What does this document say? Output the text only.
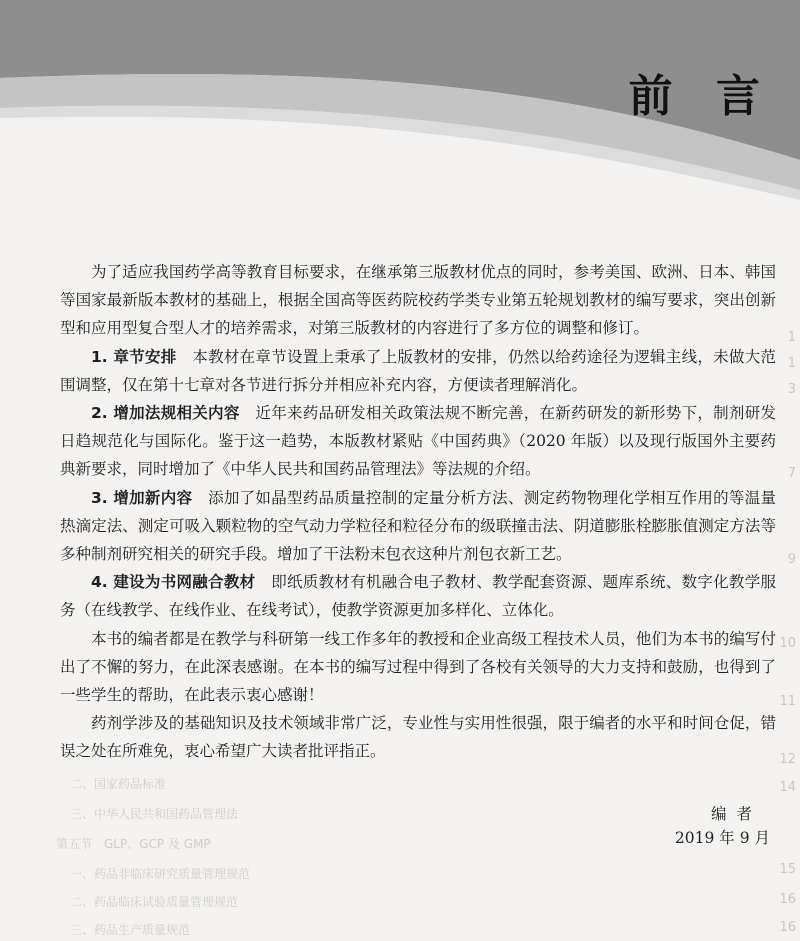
前 言
二、国家药品标准
三、中华人民共和国药品管理法
第五节　GLP、GCP 及 GMP
一、药品非临床研究质量管理规范
二、药品临床试验质量管理规范
三、药品生产质量规范
1
1
3
7
9
10
11
12
14
15
16
16

为了适应我国药学高等教育目标要求，在继承第三版教材优点的同时，参考美国、欧洲、日本、韩国等国家最新版本教材的基础上，根据全国高等医药院校药学类专业第五轮规划教材的编写要求，突出创新型和应用型复合型人才的培养需求，对第三版教材的内容进行了多方位的调整和修订。

1. 章节安排　 本教材在章节设置上秉承了上版教材的安排，仍然以给药途径为逻辑主线，未做大范围调整，仅在第十七章对各节进行拆分并相应补充内容，方便读者理解消化。

2. 增加法规相关内容　 近年来药品研发相关政策法规不断完善，在新药研发的新形势下，制剂研发日趋规范化与国际化。鉴于这一趋势，本版教材紧贴《中国药典》（2020 年版）以及现行版国外主要药典新要求，同时增加了《中华人民共和国药品管理法》等法规的介绍。

3. 增加新内容　 添加了如晶型药品质量控制的定量分析方法、测定药物物理化学相互作用的等温量热滴定法、测定可吸入颗粒物的空气动力学粒径和粒径分布的级联撞击法、阴道膨胀栓膨胀值测定方法等多种制剂研究相关的研究手段。增加了干法粉末包衣这种片剂包衣新工艺。

4. 建设为书网融合教材　 即纸质教材有机融合电子教材、教学配套资源、题库系统、数字化教学服务（在线教学、在线作业、在线考试），使教学资源更加多样化、立体化。

本书的编者都是在教学与科研第一线工作多年的教授和企业高级工程技术人员，他们为本书的编写付出了不懈的努力，在此深表感谢。在本书的编写过程中得到了各校有关领导的大力支持和鼓励，也得到了一些学生的帮助，在此表示衷心感谢！

药剂学涉及的基础知识及技术领域非常广泛，专业性与实用性很强，限于编者的水平和时间仓促，错误之处在所难免，衷心希望广大读者批评指正。

编者
2019 年 9 月
